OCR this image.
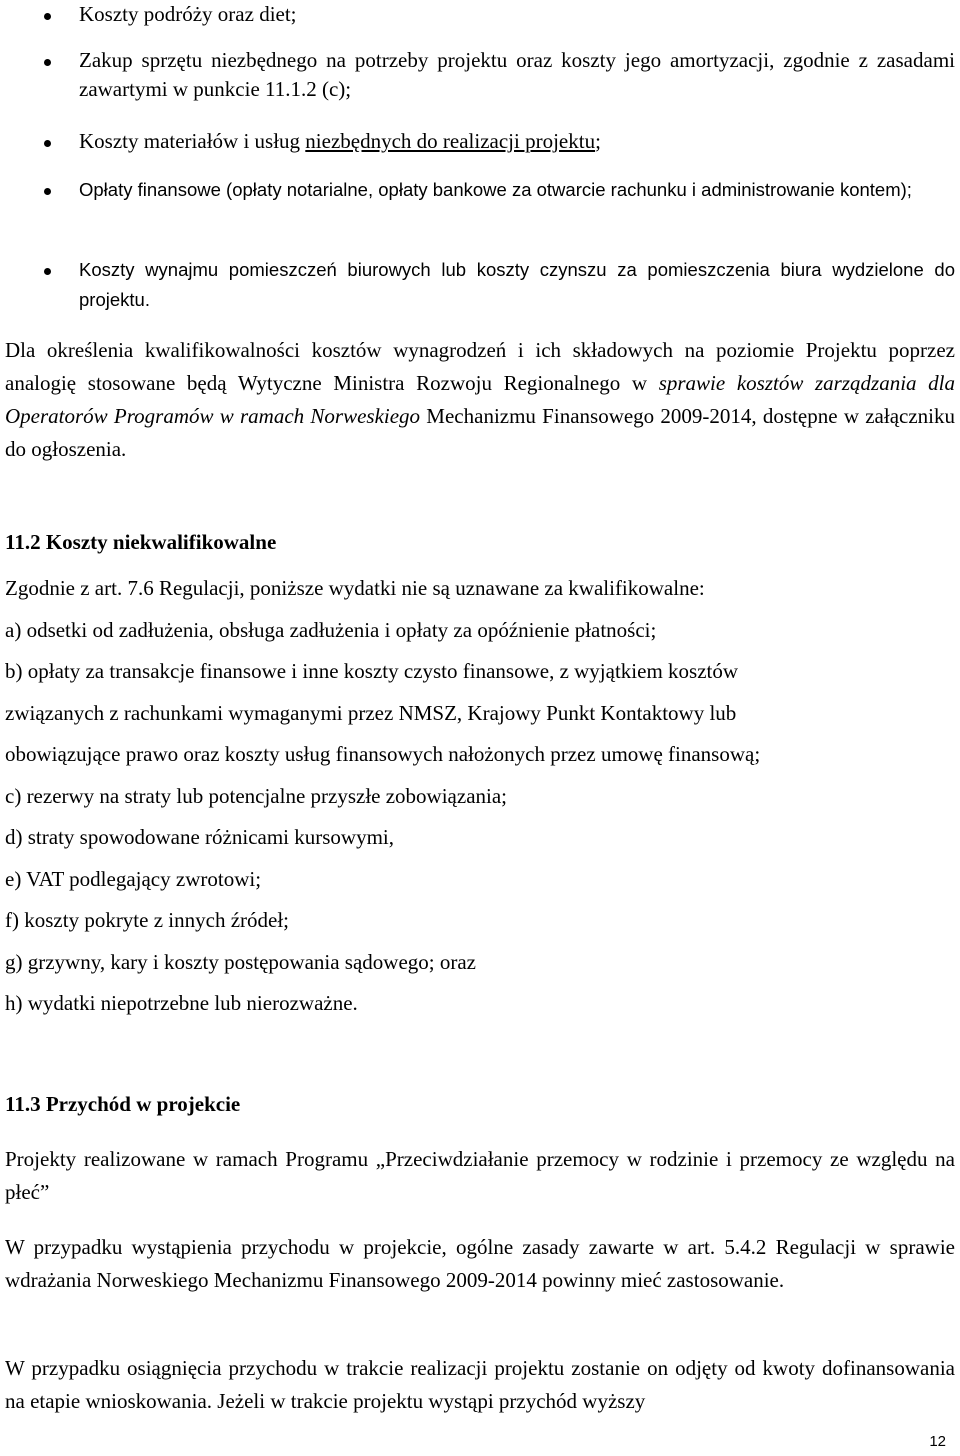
Koszty podróży oraz diet;
Zakup sprzętu niezbędnego na potrzeby projektu oraz koszty jego amortyzacji, zgodnie z zasadami zawartymi w punkcie 11.1.2 (c);
Koszty materiałów i usług niezbędnych do realizacji projektu;
Opłaty finansowe (opłaty notarialne, opłaty bankowe za otwarcie rachunku i administrowanie kontem);
Koszty wynajmu pomieszczeń biurowych lub koszty czynszu za pomieszczenia biura wydzielone do projektu.
Dla określenia kwalifikowalności kosztów wynagrodzeń i ich składowych na poziomie Projektu poprzez analogię stosowane będą Wytyczne Ministra Rozwoju Regionalnego w sprawie kosztów zarządzania dla Operatorów Programów w ramach Norweskiego Mechanizmu Finansowego 2009-2014, dostępne w załączniku do ogłoszenia.
11.2 Koszty niekwalifikowalne
Zgodnie z art. 7.6 Regulacji, poniższe wydatki nie są uznawane za kwalifikowalne:
a) odsetki od zadłużenia, obsługa zadłużenia i opłaty za opóźnienie płatności;
b) opłaty za transakcje finansowe i inne koszty czysto finansowe, z wyjątkiem kosztów
związanych z rachunkami wymaganymi przez NMSZ, Krajowy Punkt Kontaktowy lub
obowiązujące prawo oraz koszty usług finansowych nałożonych przez umowę finansową;
c) rezerwy na straty lub potencjalne przyszłe zobowiązania;
d) straty spowodowane różnicami kursowymi,
e) VAT podlegający zwrotowi;
f) koszty pokryte z innych źródeł;
g) grzywny, kary i koszty postępowania sądowego; oraz
h) wydatki niepotrzebne lub nierozważne.
11.3 Przychód w projekcie
Projekty realizowane w ramach Programu „Przeciwdziałanie przemocy w rodzinie i przemocy ze względu na płeć”
W przypadku wystąpienia przychodu w projekcie, ogólne zasady zawarte w art. 5.4.2 Regulacji w sprawie wdrażania Norweskiego Mechanizmu Finansowego 2009-2014 powinny mieć zastosowanie.
W przypadku osiągnięcia przychodu w trakcie realizacji projektu zostanie on odjęty od kwoty dofinansowania na etapie wnioskowania. Jeżeli w trakcie projektu wystąpi przychód wyższy
12
